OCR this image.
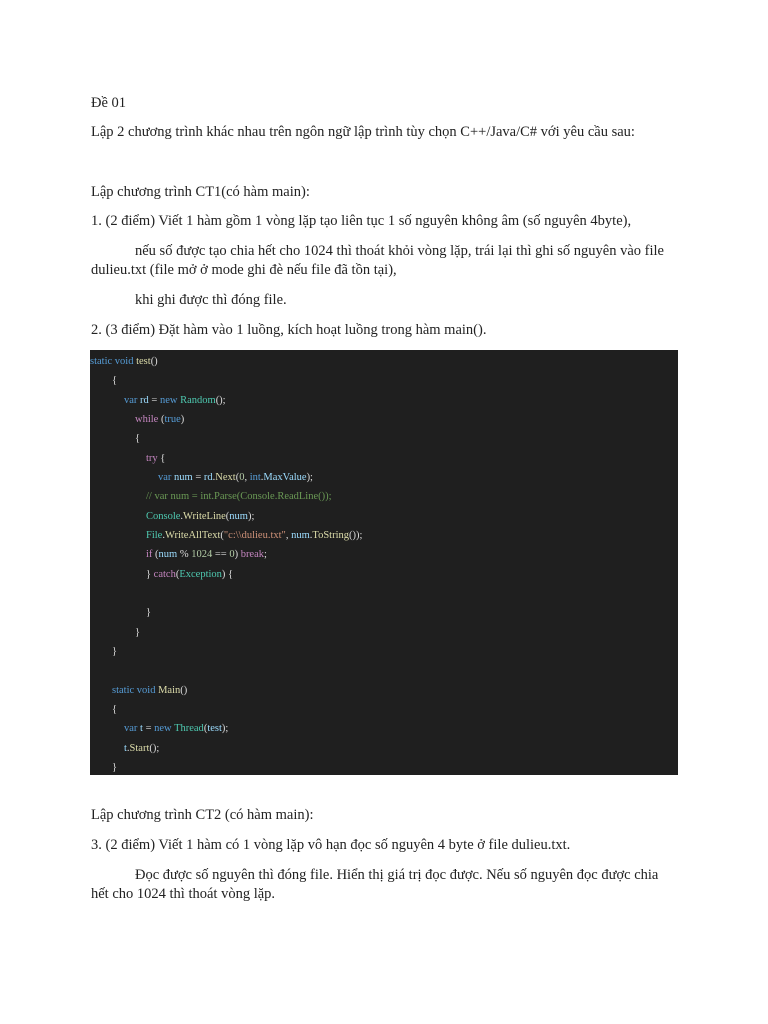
Đề 01
Lập 2 chương trình khác nhau trên ngôn ngữ lập trình tùy chọn C++/Java/C# với yêu cầu sau:
Lập chương trình CT1(có hàm main):
1. (2 điểm) Viết 1 hàm gồm 1 vòng lặp tạo liên tục 1 số nguyên không âm (số nguyên 4byte),
nếu số được tạo chia hết cho 1024 thì thoát khỏi vòng lặp, trái lại thì ghi số nguyên vào file dulieu.txt (file mở ở mode ghi đè nếu file đã tồn tại),
khi ghi được thì đóng file.
2. (3 điểm) Đặt hàm vào 1 luồng, kích hoạt luồng trong hàm main().
static void test()
{
var rd = new Random();
while (true)
{
try {
var num = rd.Next(0, int.MaxValue);
// var num = int.Parse(Console.ReadLine());
Console.WriteLine(num);
File.WriteAllText("c:\\dulieu.txt", num.ToString());
if (num % 1024 == 0) break;
} catch(Exception) {
}
}
}
static void Main()
{
var t = new Thread(test);
t.Start();
}
Lập chương trình CT2 (có hàm main):
3. (2 điểm) Viết 1 hàm có 1 vòng lặp vô hạn đọc số nguyên 4 byte ở file dulieu.txt.
Đọc được số nguyên thì đóng file. Hiển thị giá trị đọc được. Nếu số nguyên đọc được chia hết cho 1024 thì thoát vòng lặp.
